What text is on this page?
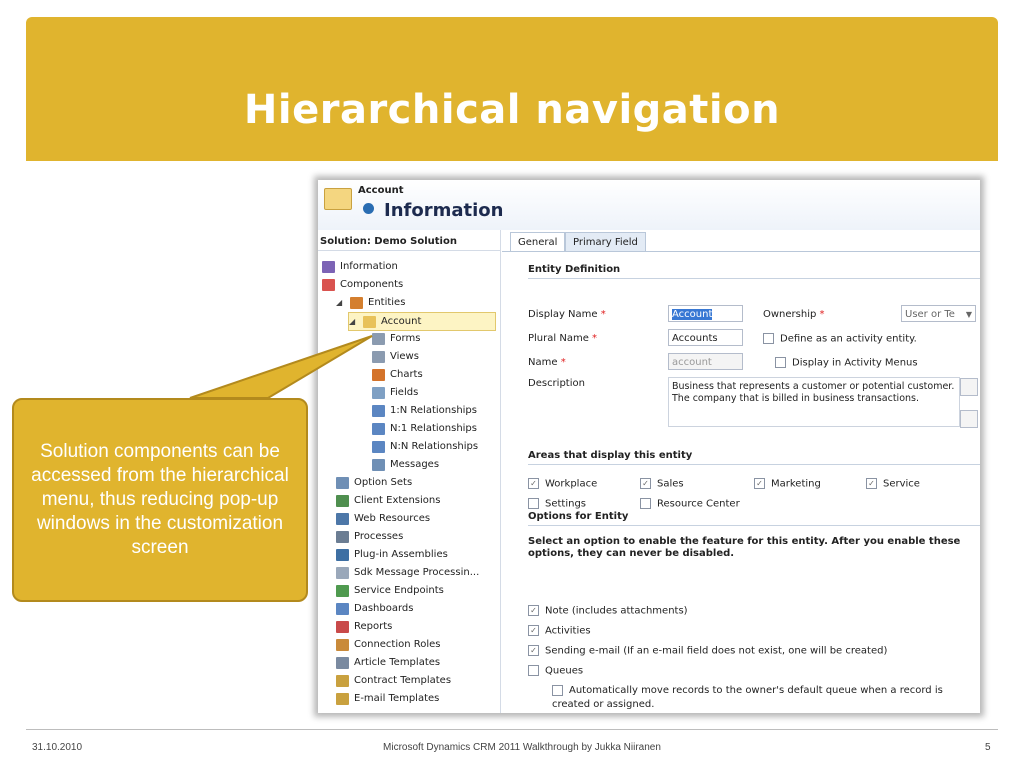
Hierarchical navigation
Account
Information
Solution: Demo Solution
Information
Components
◢	Entities
◢	Account
Forms
Views
Charts
Fields
1:N Relationships
N:1 Relationships
N:N Relationships
Messages
Option Sets
Client Extensions
Web Resources
Processes
Plug-in Assemblies
Sdk Message Processin...
Service Endpoints
Dashboards
Reports
Connection Roles
Article Templates
Contract Templates
E-mail Templates
General	Primary Field
Entity Definition
Display Name *	Account	Ownership *	User or Te ▼
Plural Name *	Accounts	Define as an activity entity.
Name *	account	Display in Activity Menus
Description	Business that represents a customer or potential customer. The company that is billed in business transactions.
Areas that display this entity
✓ Workplace	✓ Sales	✓ Marketing	✓ Service
Settings	Resource Center
Options for Entity
Select an option to enable the feature for this entity. After you enable these options, they can never be disabled.
✓ Note (includes attachments)
✓ Activities
✓ Sending e-mail (If an e-mail field does not exist, one will be created)
Queues
Automatically move records to the owner's default queue when a record is created or assigned.
Solution components can be accessed from the hierarchical menu, thus reducing pop-up windows in the customization screen
31.10.2010	Microsoft Dynamics CRM 2011 Walkthrough by Jukka Niiranen	5
